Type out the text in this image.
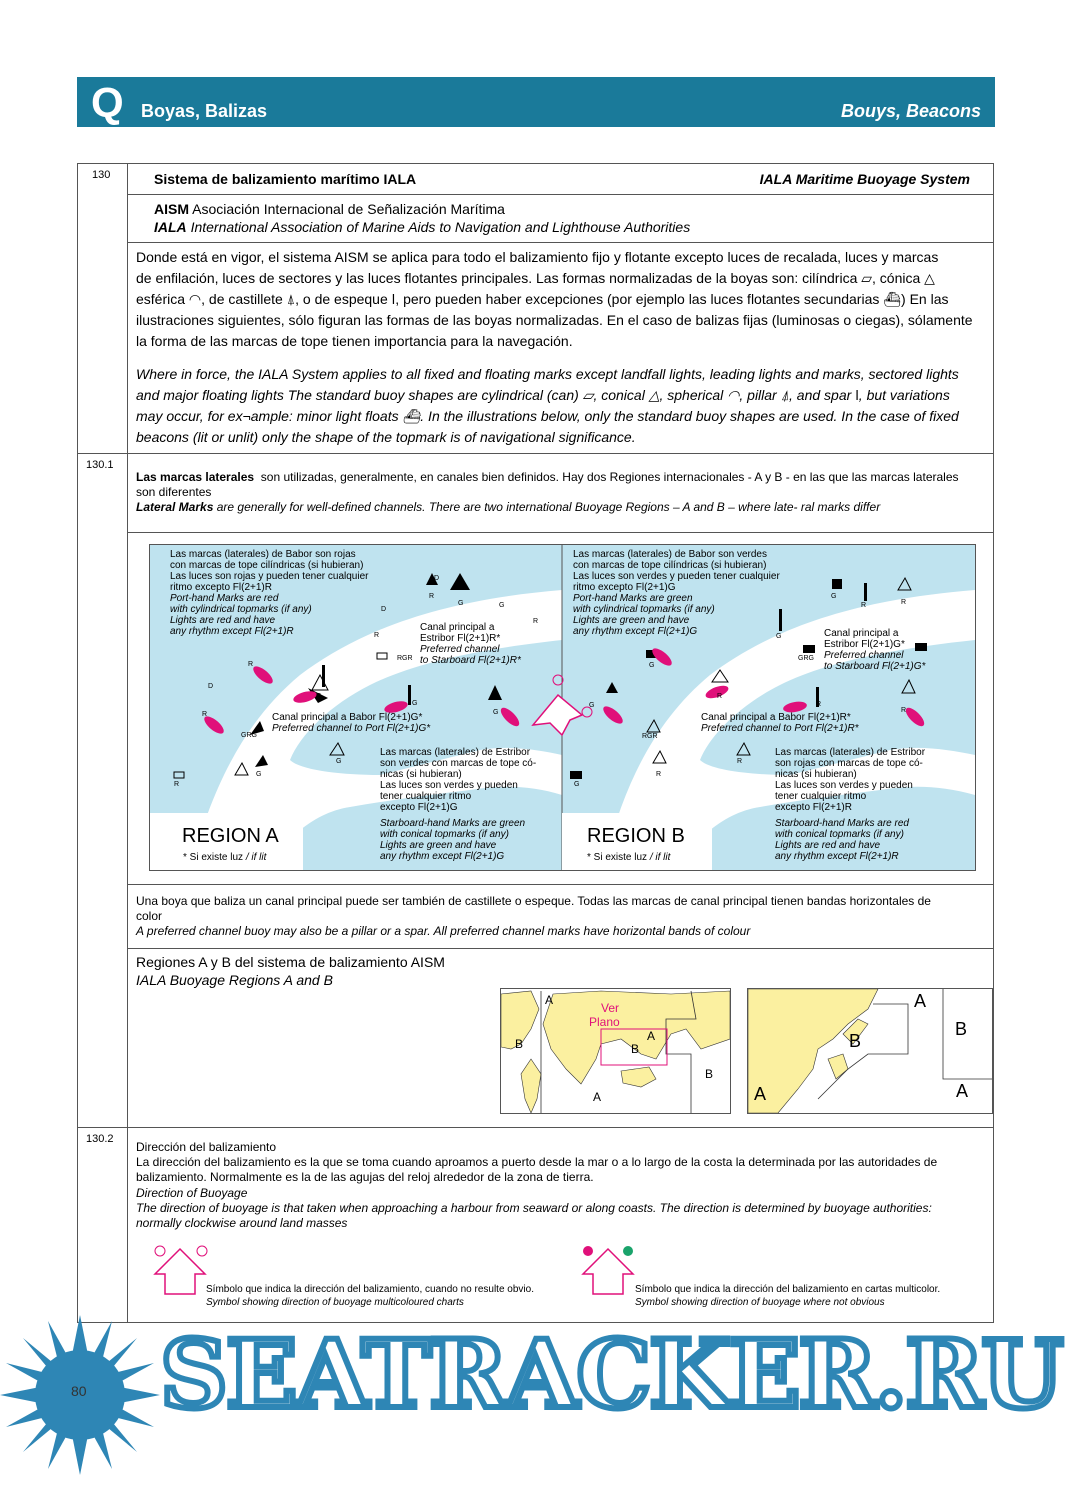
Q Boyas, Balizas	Bouys, Beacons
130	Sistema de balizamiento marítimo IALA	IALA Maritime Buoyage System
AISM Asociación Internacional de Señalización Marítima
IALA International Association of Marine Aids to Navigation and Lighthouse Authorities
Donde está en vigor, el sistema AISM se aplica para todo el balizamiento fijo y flotante excepto luces de recalada, luces y marcas
de enfilación, luces de sectores y las luces flotantes principales. Las formas normalizadas de la boyas son: cilíndrica ▱, cónica △
esférica ◠, de castillete ⍋, o de espeque ǀ, pero pueden haber excepciones (por ejemplo las luces flotantes secundarias ⛴) En las
ilustraciones siguientes, sólo figuran las formas de las boyas normalizadas. En el caso de balizas fijas (luminosas o ciegas), sólamente
la forma de las marcas de tope tienen importancia para la navegación.
Where in force, the IALA System applies to all fixed and floating marks except landfall lights, leading lights and marks, sectored lights
and major floating lights The standard buoy shapes are cylindrical (can) ▱, conical △, spherical ◠, pillar ⍋, and spar ǀ, but variations
may occur, for ex¬ample: minor light floats ⛴. In the illustrations below, only the standard buoy shapes are used. In the case of fixed
beacons (lit or unlit) only the shape of the topmark is of navigational significance.
130.1
Las marcas laterales son utilizadas, generalmente, en canales bien definidos. Hay dos Regiones internacionales - A y B - en las que las marcas laterales
son diferentes
Lateral Marks are generally for well-defined channels. There are two international Buoyage Regions – A and B – where late- ral marks differ
Las marcas (laterales) de Babor son rojas
con marcas de tope cilíndricas (si hubieran)
Las luces son rojas y pueden tener cualquier
ritmo excepto Fl(2+1)R
Port-hand Marks are red
with cylindrical topmarks (if any)
Lights are red and have
any rhythm except Fl(2+1)R	Canal principal a
Estribor Fl(2+1)R*
Preferred channel
to Starboard Fl(2+1)R*
Canal principal a Babor Fl(2+1)G*
Preferred channel to Port Fl(2+1)G*
Las marcas (laterales) de Estribor
son verdes con marcas de tope có-
nicas (si hubieran)
Las luces son verdes y pueden
tener cualquier ritmo
excepto Fl(2+1)G
Starboard-hand Marks are green
with conical topmarks (if any)
Lights are green and have
any rhythm except Fl(2+1)G
REGION A
* Si existe luz / if lit
Las marcas (laterales) de Babor son verdes
con marcas de tope cilíndricas (si hubieran)
Las luces son verdes y pueden tener cualquier
ritmo excepto Fl(2+1)G
Port-hand Marks are green
with cylindrical topmarks (if any)
Lights are green and have
any rhythm except Fl(2+1)G	Canal principal a
Estribor Fl(2+1)G*
Preferred channel
to Starboard Fl(2+1)G*
Canal principal a Babor Fl(2+1)R*
Preferred channel to Port Fl(2+1)R*
Las marcas (laterales) de Estribor
son rojas con marcas de tope có-
nicas (si hubieran)
Las luces son verdes y pueden
tener cualquier ritmo
excepto Fl(2+1)R
Starboard-hand Marks are red
with conical topmarks (if any)
Lights are red and have
any rhythm except Fl(2+1)R
REGION B
* Si existe luz / if lit
D
R
G	G
R
D
R
RGR
R
G
G
G
D
R
GRG
G
G
R
G
R	R
G
GRG
G
R
R
R
G
RGR
R
R
G
Una boya que baliza un canal principal puede ser también de castillete o espeque. Todas las marcas de canal principal tienen bandas horizontales de
color
A preferred channel buoy may also be a pillar or a spar. All preferred channel marks have horizontal bands of colour
Regiones A y B del sistema de balizamiento AISM
IALA Buoyage Regions A and B
A
B
A
B
A
B
Ver
Plano
A
B
B
A	A
130.2
Dirección del balizamiento
La dirección del balizamiento es la que se toma cuando aproamos a puerto desde la mar o a lo largo de la costa la determinada por las autoridades de
balizamiento. Normalmente es la de las agujas del reloj alrededor de la zona de tierra.
Direction of Buoyage
The direction of buoyage is that taken when approaching a harbour from seaward or along coasts. The direction is determined by buoyage authorities:
normally clockwise around land masses
Símbolo que indica la dirección del balizamiento, cuando no resulte obvio.
Symbol showing direction of buoyage multicoloured charts
Símbolo que indica la dirección del balizamiento en cartas multicolor.
Symbol showing direction of buoyage where not obvious
80 SEATRACKER.RU
